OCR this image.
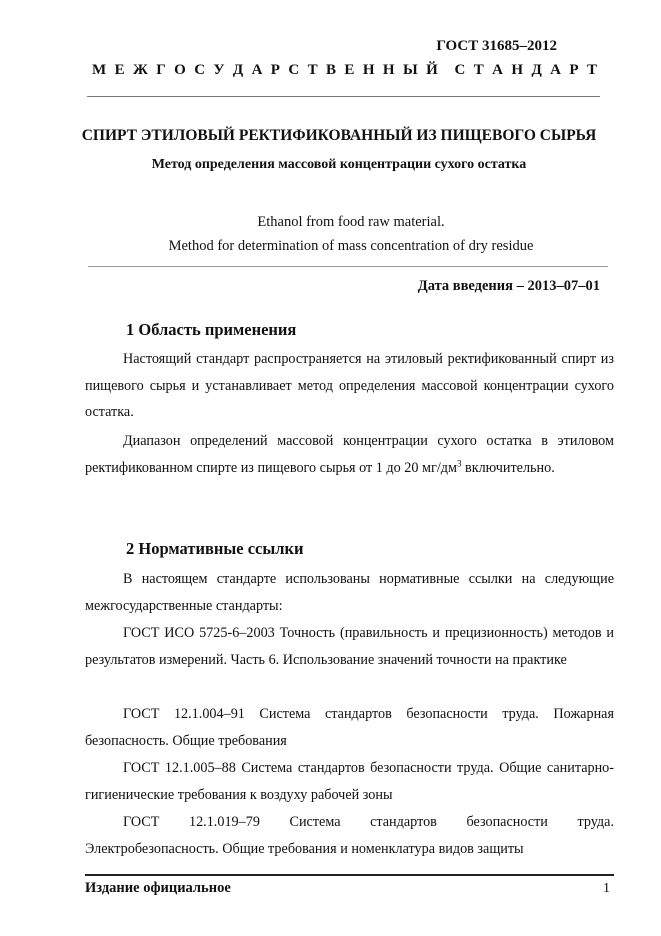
ГОСТ 31685–2012
М Е Ж Г О С У Д А Р С Т В Е Н Н Ы Й С Т А Н Д А Р Т
СПИРТ ЭТИЛОВЫЙ РЕКТИФИКОВАННЫЙ ИЗ ПИЩЕВОГО СЫРЬЯ
Метод определения массовой концентрации сухого остатка
Ethanol from food raw material.
Method for determination of mass concentration of dry residue
Дата введения – 2013–07–01
1 Область применения

Настоящий стандарт распространяется на этиловый ректификованный спирт из пищевого сырья и устанавливает метод определения массовой концентрации сухого остатка.

Диапазон определений массовой концентрации сухого остатка в этиловом ректификованном спирте из пищевого сырья от 1 до 20 $мг/дм^3$ включительно.

2 Нормативные ссылки

В настоящем стандарте использованы нормативные ссылки на следующие межгосударственные стандарты:

ГОСТ ИСО 5725-6–2003 Точность (правильность и прецизионность) методов и результатов измерений. Часть 6. Использование значений точности на практике

ГОСТ 12.1.004–91 Система стандартов безопасности труда. Пожарная безопасность. Общие требования

ГОСТ 12.1.005–88 Система стандартов безопасности труда. Общие санитарно-гигиенические требования к воздуху рабочей зоны

ГОСТ 12.1.019–79 Система стандартов безопасности труда. Электробезопасность. Общие требования и номенклатура видов защиты

Издание официальное	1
